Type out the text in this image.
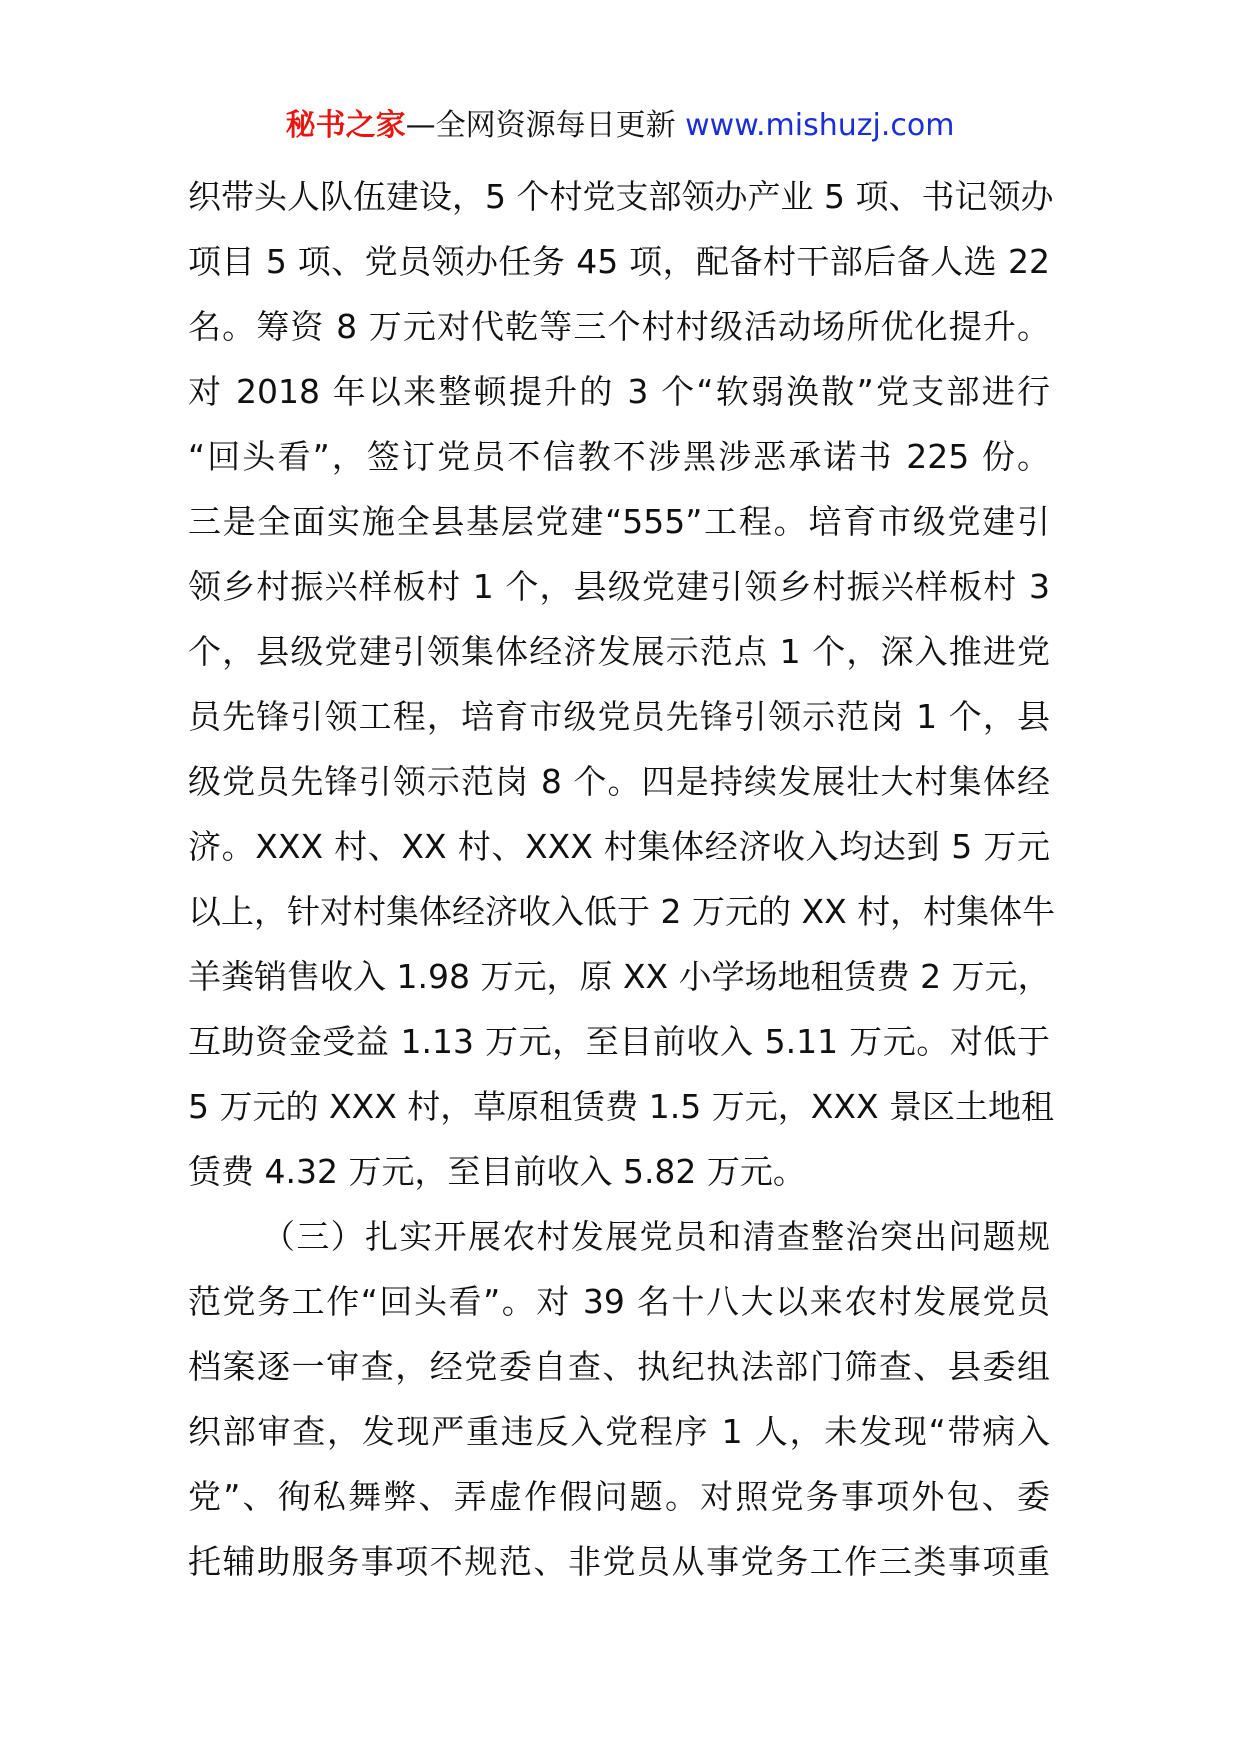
秘书之家—全网资源每日更新 www.mishuzj.com
织带头人队伍建设，5 个村党支部领办产业 5 项、书记领办
项目 5 项、党员领办任务 45 项，配备村干部后备人选 22
名。筹资 8 万元对代乾等三个村村级活动场所优化提升。
对 2018 年以来整顿提升的 3 个“软弱涣散”党支部进行
“回头看”，签订党员不信教不涉黑涉恶承诺书 225 份。
三是全面实施全县基层党建“555”工程。培育市级党建引
领乡村振兴样板村 1 个，县级党建引领乡村振兴样板村 3
个，县级党建引领集体经济发展示范点 1 个，深入推进党
员先锋引领工程，培育市级党员先锋引领示范岗 1 个，县
级党员先锋引领示范岗 8 个。四是持续发展壮大村集体经
济。XXX 村、XX 村、XXX 村集体经济收入均达到 5 万元
以上，针对村集体经济收入低于 2 万元的 XX 村，村集体牛
羊粪销售收入 1.98 万元，原 XX 小学场地租赁费 2 万元，
互助资金受益 1.13 万元，至目前收入 5.11 万元。对低于
5 万元的 XXX 村，草原租赁费 1.5 万元，XXX 景区土地租
赁费 4.32 万元，至目前收入 5.82 万元。
（三）扎实开展农村发展党员和清查整治突出问题规
范党务工作“回头看”。对 39 名十八大以来农村发展党员
档案逐一审查，经党委自查、执纪执法部门筛查、县委组
织部审查，发现严重违反入党程序 1 人，未发现“带病入
党”、徇私舞弊、弄虚作假问题。对照党务事项外包、委
托辅助服务事项不规范、非党员从事党务工作三类事项重
